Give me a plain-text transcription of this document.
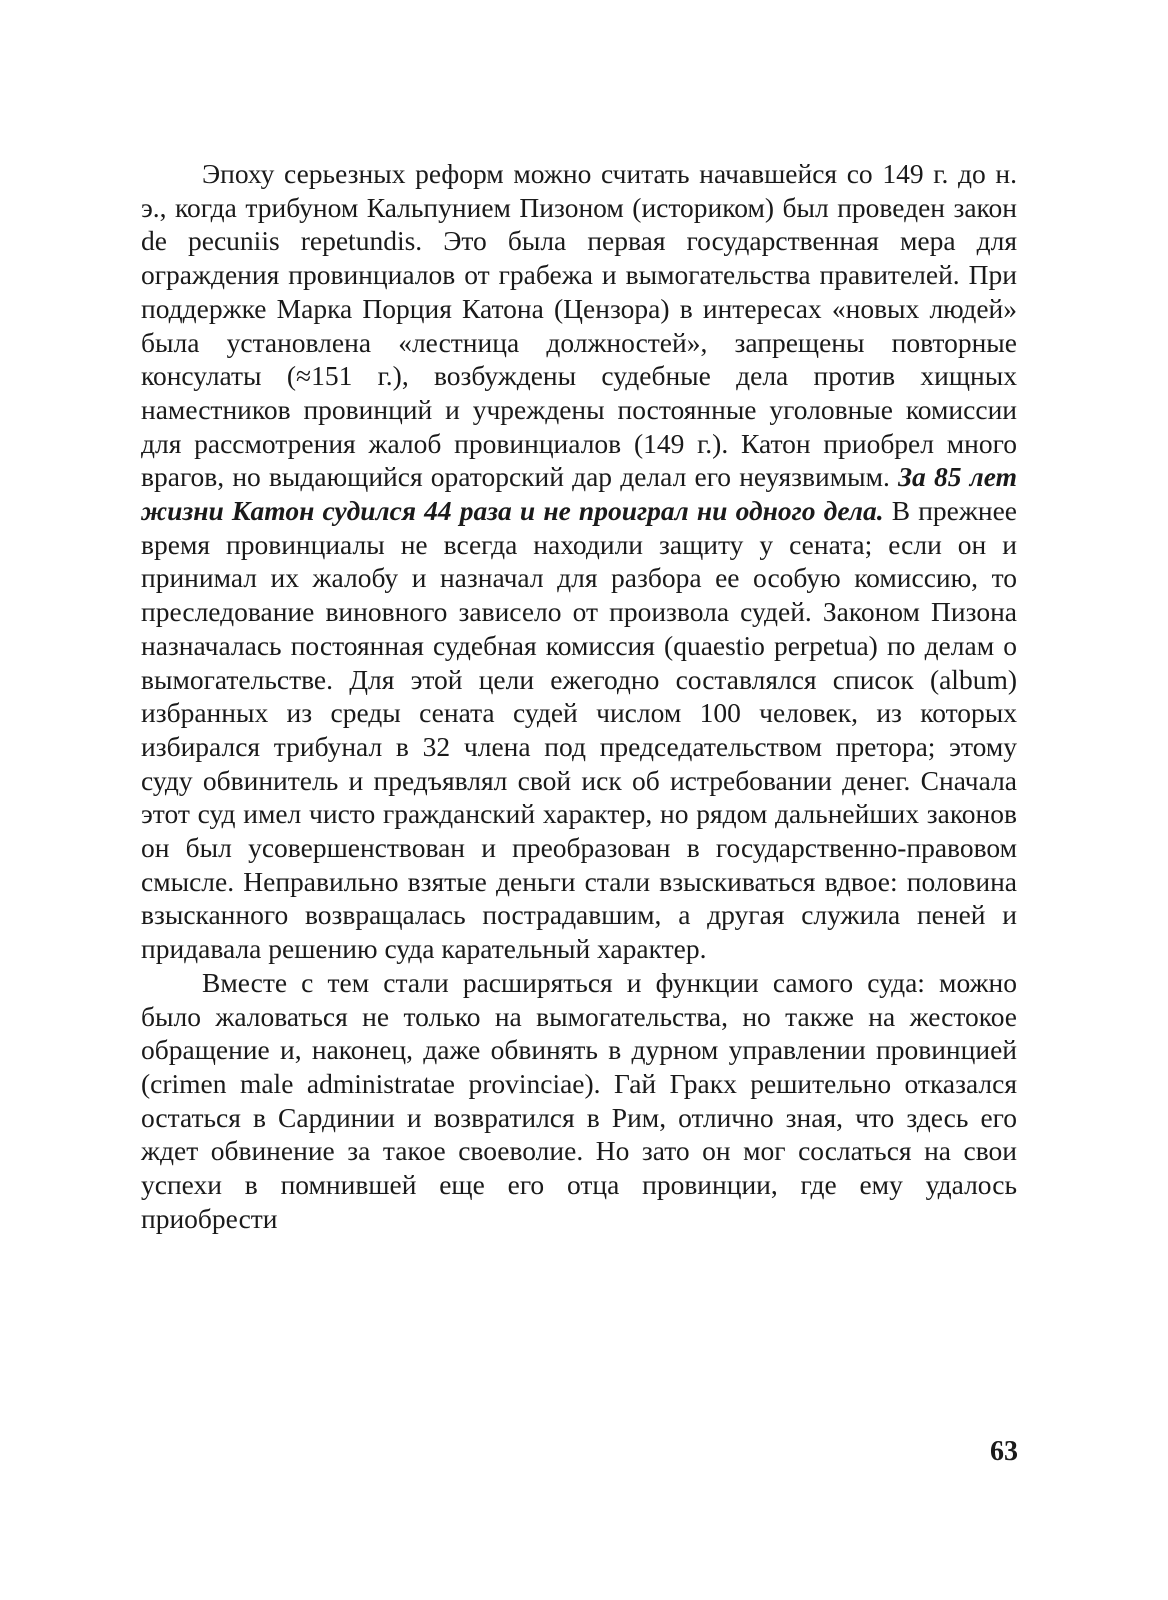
Эпоху серьезных реформ можно считать начавшейся со 149 г. до н. э., когда трибуном Кальпунием Пизоном (историком) был проведен закон de pecuniis repetundis. Это была первая государственная мера для ограждения провинциалов от грабежа и вымогательства правителей. При поддержке Марка Порция Катона (Цензора) в интересах «новых людей» была установлена «лестница должностей», запрещены повторные консулаты (≈151 г.), возбуждены судебные дела против хищных наместников провинций и учреждены постоянные уголовные комиссии для рассмотрения жалоб провинциалов (149 г.). Катон приобрел много врагов, но выдающийся ораторский дар делал его неуязвимым. За 85 лет жизни Катон судился 44 раза и не проиграл ни одного дела. В прежнее время провинциалы не всегда находили защиту у сената; если он и принимал их жалобу и назначал для разбора ее особую комиссию, то преследование виновного зависело от произвола судей. Законом Пизона назначалась постоянная судебная комиссия (quaestio perpetua) по делам о вымогательстве. Для этой цели ежегодно составлялся список (album) избранных из среды сената судей числом 100 человек, из которых избирался трибунал в 32 члена под председательством претора; этому суду обвинитель и предъявлял свой иск об истребовании денег. Сначала этот суд имел чисто гражданский характер, но рядом дальнейших законов он был усовершенствован и преобразован в государственно-правовом смысле. Неправильно взятые деньги стали взыскиваться вдвое: половина взысканного возвращалась пострадавшим, а другая служила пеней и придавала решению суда карательный характер.

Вместе с тем стали расширяться и функции самого суда: можно было жаловаться не только на вымогательства, но также на жестокое обращение и, наконец, даже обвинять в дурном управлении провинцией (crimen male administratae provinciae). Гай Гракх решительно отказался остаться в Сардинии и возвратился в Рим, отлично зная, что здесь его ждет обвинение за такое своеволие. Но зато он мог сослаться на свои успехи в помнившей еще его отца провинции, где ему удалось приобрести

63
